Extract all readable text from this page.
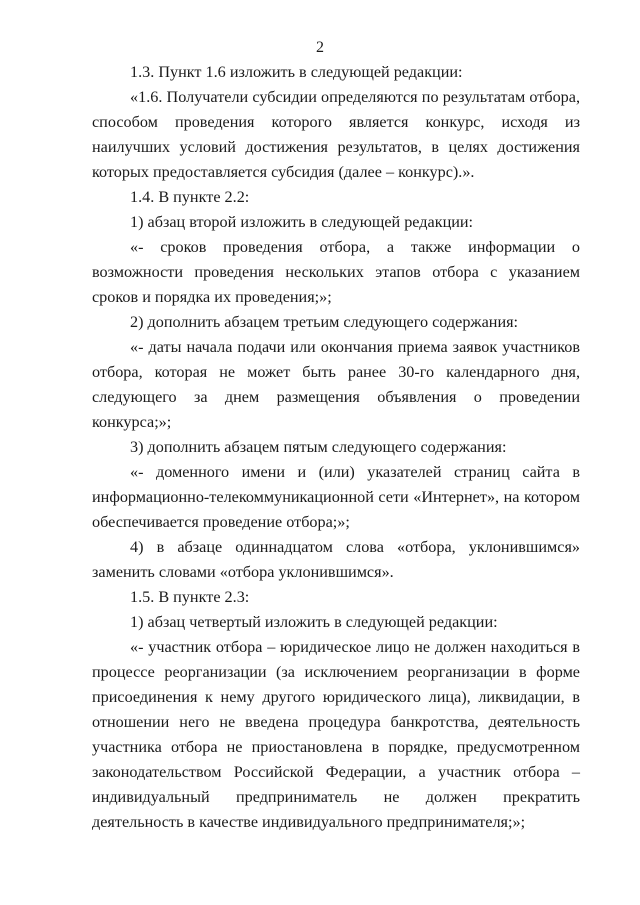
2

1.3. Пункт 1.6 изложить в следующей редакции:

«1.6. Получатели субсидии определяются по результатам отбора, способом проведения которого является конкурс, исходя из наилучших условий достижения результатов, в целях достижения которых предоставляется субсидия (далее – конкурс).».

1.4. В пункте 2.2:

1) абзац второй изложить в следующей редакции:

«- сроков проведения отбора, а также информации о возможности проведения нескольких этапов отбора с указанием сроков и порядка их проведения;»;

2) дополнить абзацем третьим следующего содержания:

«- даты начала подачи или окончания приема заявок участников отбора, которая не может быть ранее 30-го календарного дня, следующего за днем размещения объявления о проведении конкурса;»;

3) дополнить абзацем пятым следующего содержания:

«- доменного имени и (или) указателей страниц сайта в информационно-телекоммуникационной сети «Интернет», на котором обеспечивается проведение отбора;»;

4) в абзаце одиннадцатом слова «отбора, уклонившимся» заменить словами «отбора уклонившимся».

1.5. В пункте 2.3:

1) абзац четвертый изложить в следующей редакции:

«- участник отбора – юридическое лицо не должен находиться в процессе реорганизации (за исключением реорганизации в форме присоединения к нему другого юридического лица), ликвидации, в отношении него не введена процедура банкротства, деятельность участника отбора не приостановлена в порядке, предусмотренном законодательством Российской Федерации, а участник отбора – индивидуальный предприниматель не должен прекратить деятельность в качестве индивидуального предпринимателя;»;
